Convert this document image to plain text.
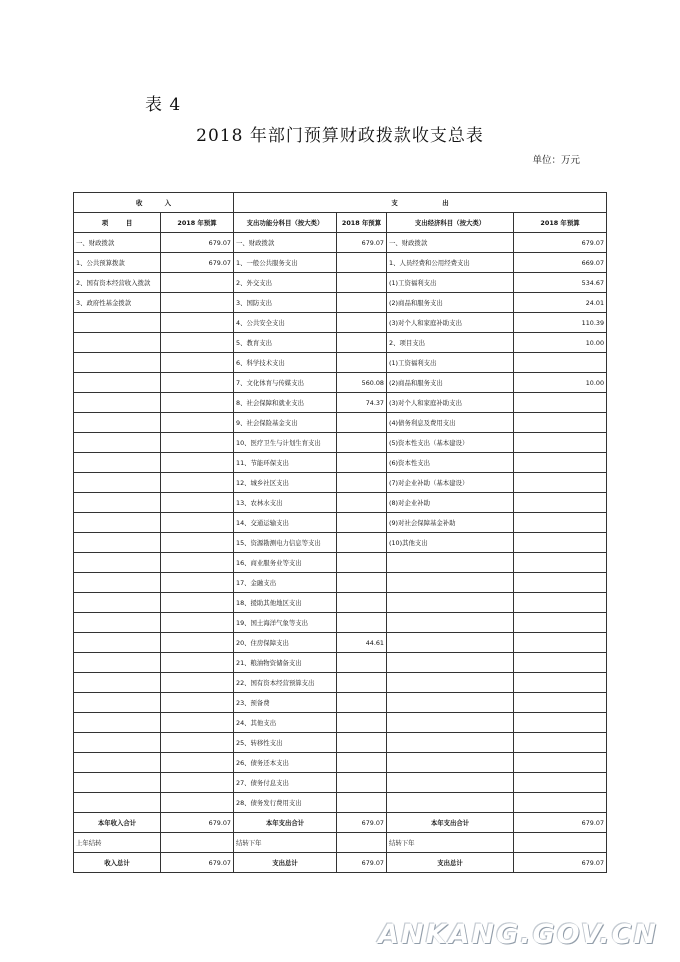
表 4
2018 年部门预算财政拨款收支总表
单位：万元
收          入		支                    出			
项        目	2018 年预算	支出功能分科目（按大类）	2018 年预算	支出经济科目（按大类）	2018 年预算
一、财政拨款	679.07	一、财政拨款	679.07	一、财政拨款	679.07
1、公共预算拨款	679.07	1、一般公共服务支出		1、人员经费和公用经费支出	669.07
2、国有资本经营收入拨款		2、外交支出		(1)工资福利支出	534.67
3、政府性基金拨款		3、国防支出		(2)商品和服务支出	24.01
		4、公共安全支出		(3)对个人和家庭补助支出	110.39
		5、教育支出		2、项目支出	10.00
		6、科学技术支出		(1)工资福利支出	
		7、文化体育与传媒支出	560.08	(2)商品和服务支出	10.00
		8、社会保障和就业支出	74.37	(3)对个人和家庭补助支出	
		9、社会保险基金支出		(4)债务利息及费用支出	
		10、医疗卫生与计划生育支出		(5)资本性支出（基本建设）	
		11、节能环保支出		(6)资本性支出	
		12、城乡社区支出		(7)对企业补助（基本建设）	
		13、农林水支出		(8)对企业补助	
		14、交通运输支出		(9)对社会保障基金补助	
		15、资源勘测电力信息等支出		(10)其他支出	
		16、商业服务业等支出			
		17、金融支出			
		18、援助其他地区支出			
		19、国土海洋气象等支出			
		20、住房保障支出	44.61		
		21、粮油物资储备支出			
		22、国有资本经营预算支出			
		23、预备费			
		24、其他支出			
		25、转移性支出			
		26、债务还本支出			
		27、债务付息支出			
		28、债务发行费用支出			
本年收入合计	679.07	本年支出合计	679.07	本年支出合计	679.07
上年结转		结转下年		结转下年	
收入总计	679.07	支出总计	679.07	支出总计	679.07
ANKANG.GOV.CN
